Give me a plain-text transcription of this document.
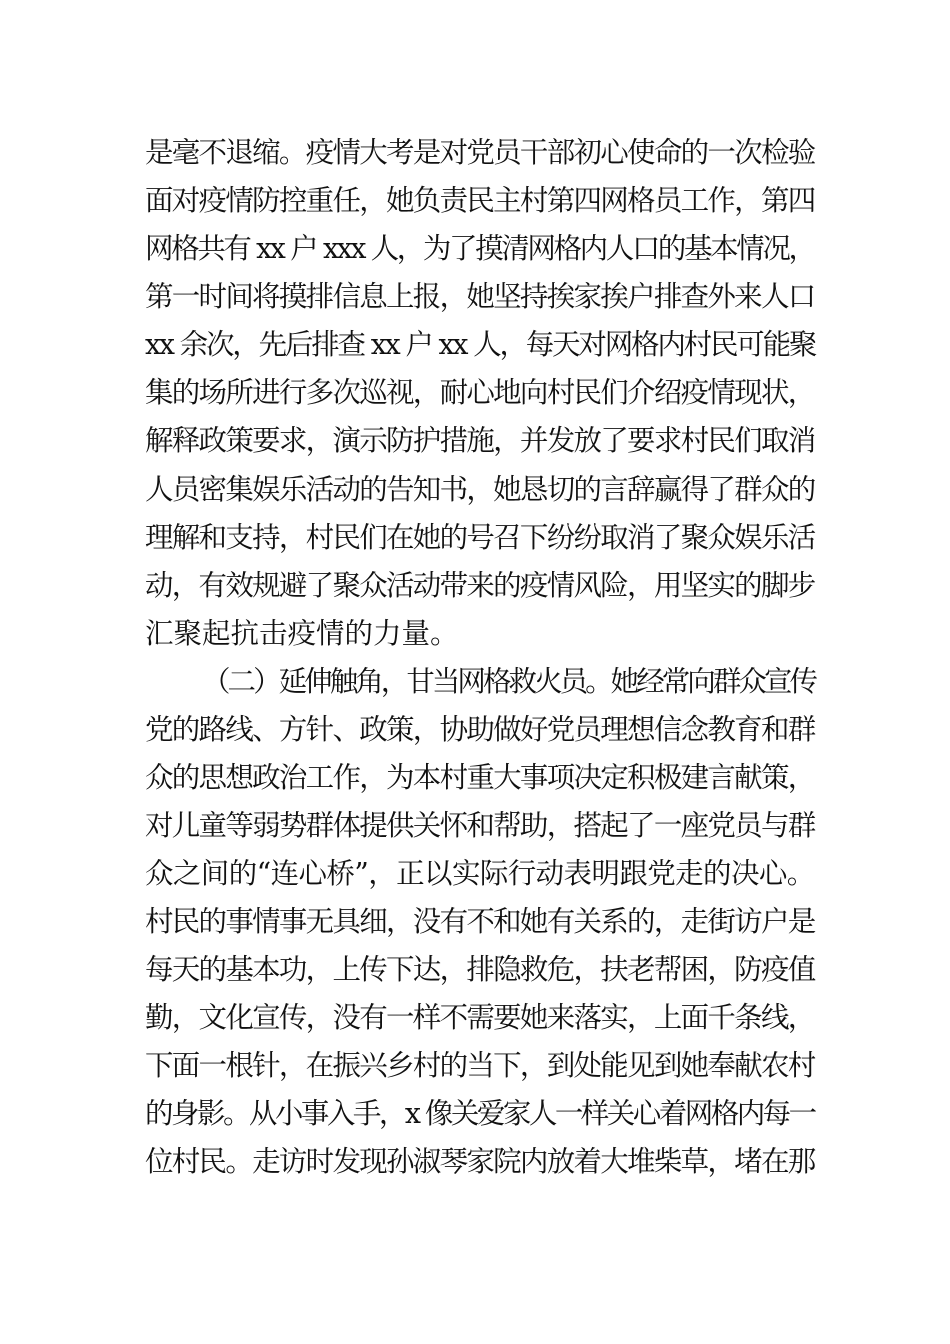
是毫不退缩。疫情大考是对党员干部初心使命的一次检验
面对疫情防控重任，她负责民主村第四网格员工作，第四
网格共有 xx 户 xxx 人，为了摸清网格内人口的基本情况，
第一时间将摸排信息上报，她坚持挨家挨户排查外来人口
xx 余次，先后排查 xx 户 xx 人，每天对网格内村民可能聚
集的场所进行多次巡视，耐心地向村民们介绍疫情现状，
解释政策要求，演示防护措施，并发放了要求村民们取消
人员密集娱乐活动的告知书，她恳切的言辞赢得了群众的
理解和支持，村民们在她的号召下纷纷取消了聚众娱乐活
动，有效规避了聚众活动带来的疫情风险，用坚实的脚步
汇聚起抗击疫情的力量。
（二）延伸触角，甘当网格救火员。她经常向群众宣传
党的路线、方针、政策，协助做好党员理想信念教育和群
众的思想政治工作，为本村重大事项决定积极建言献策，
对儿童等弱势群体提供关怀和帮助，搭起了一座党员与群
众之间的“连心桥”，正以实际行动表明跟党走的决心。
村民的事情事无具细，没有不和她有关系的，走街访户是
每天的基本功，上传下达，排隐救危，扶老帮困，防疫值
勤，文化宣传，没有一样不需要她来落实，上面千条线，
下面一根针，在振兴乡村的当下，到处能见到她奉献农村
的身影。从小事入手，x 像关爱家人一样关心着网格内每一
位村民。走访时发现孙淑琴家院内放着大堆柴草，堵在那
